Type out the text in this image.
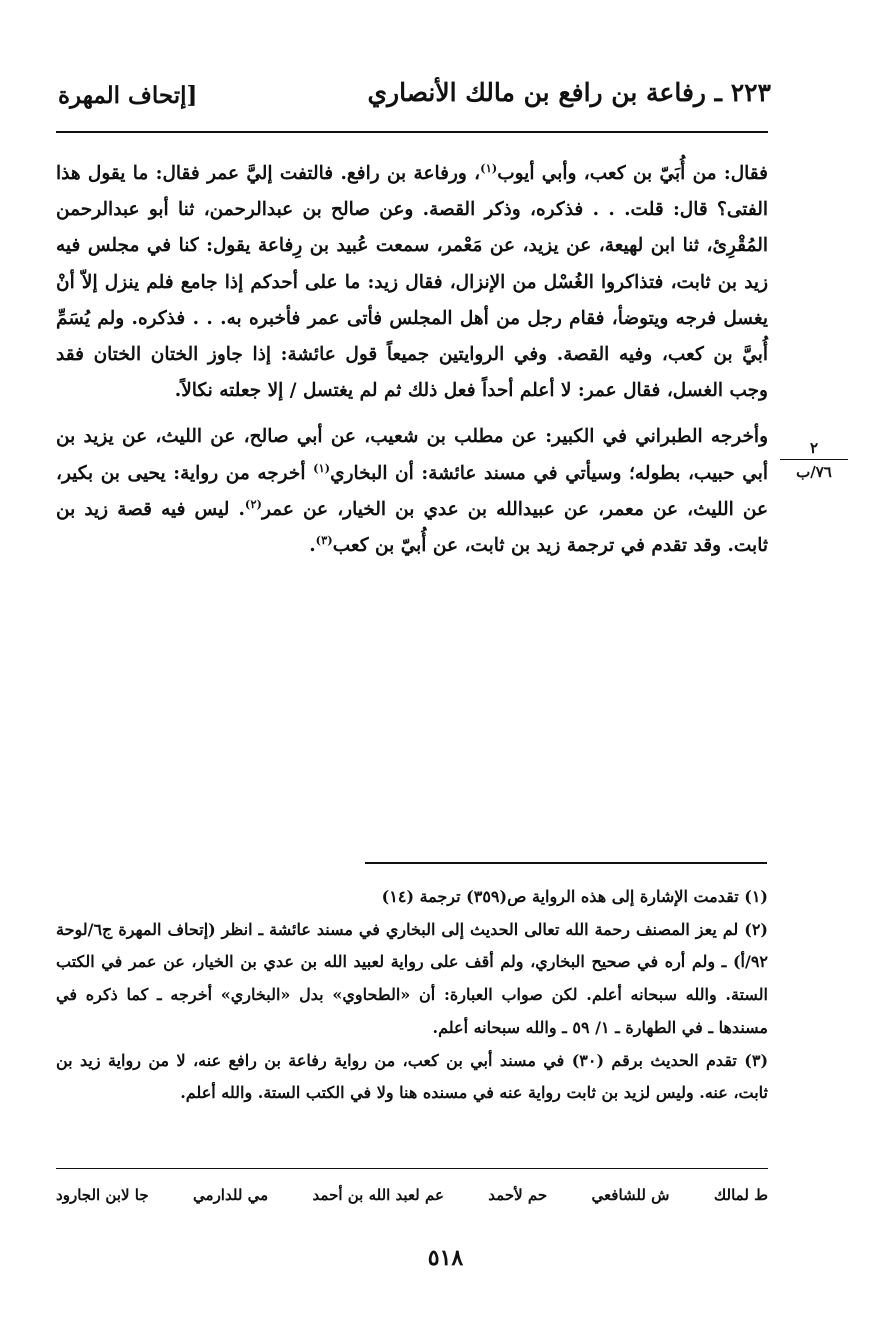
٢٢٣ ـ رفاعة بن رافع بن مالك الأنصاري
[إتحاف المهرة

فقال: من أُبَيّ بن كعب، وأبي أيوب$^{(١)}$، ورفاعة بن رافع. فالتفت إليَّ عمر فقال: ما يقول هذا الفتى؟ قال: قلت. . . فذكره، وذكر القصة. وعن صالح بن عبدالرحمن، ثنا أبو عبدالرحمن المُقْرِئ، ثنا ابن لهيعة، عن يزيد، عن مَعْمر، سمعت عُبيد بن رِفاعة يقول: كنا في مجلس فيه زيد بن ثابت، فتذاكروا الغُسْل من الإنزال، فقال زيد: ما على أحدكم إذا جامع فلم ينزل إلاّ أنْ يغسل فرجه ويتوضأ، فقام رجل من أهل المجلس فأتى عمر فأخبره به. . . فذكره. ولم يُسَمِّ أُبيَّ بن كعب، وفيه القصة. وفي الروايتين جميعاً قول عائشة: إذا جاوز الختان الختان فقد وجب الغسل، فقال عمر: لا أعلم أحداً فعل ذلك ثم لم يغتسل / إلا جعلته نكالاً.

وأخرجه الطبراني في الكبير: عن مطلب بن شعيب، عن أبي صالح، عن الليث، عن يزيد بن أبي حبيب، بطوله؛ وسيأتي في مسند عائشة: أن البخاري$^{(١)}$ أخرجه من رواية: يحيى بن بكير، عن الليث، عن معمر، عن عبيدالله بن عدي بن الخيار، عن عمر$^{(٢)}$. ليس فيه قصة زيد بن ثابت. وقد تقدم في ترجمة زيد بن ثابت، عن أُبيّ بن كعب$^{(٣)}$.

٢
٧٦/ب

(١) تقدمت الإشارة إلى هذه الرواية ص(٣٥٩) ترجمة (١٤)

(٢) لم يعز المصنف رحمة الله تعالى الحديث إلى البخاري في مسند عائشة ـ انظر (إتحاف المهرة ج٦/لوحة ٩٢/أ) ـ ولم أره في صحيح البخاري، ولم أقف على رواية لعبيد الله بن عدي بن الخيار، عن عمر في الكتب الستة. والله سبحانه أعلم. لكن صواب العبارة: أن «الطحاوي» بدل «البخاري» أخرجه ـ كما ذكره في مسندها ـ في الطهارة ـ ١/ ٥٩ ـ والله سبحانه أعلم.

(٣) تقدم الحديث برقم (٣٠) في مسند أبي بن كعب، من رواية رفاعة بن رافع عنه، لا من رواية زيد بن ثابت، عنه. وليس لزيد بن ثابت رواية عنه في مسنده هنا ولا في الكتب الستة. والله أعلم.

ط لمالك
ش للشافعي
حم لأحمد
عم لعبد الله بن أحمد
مي للدارمي
جا لابن الجارود
٥١٨
